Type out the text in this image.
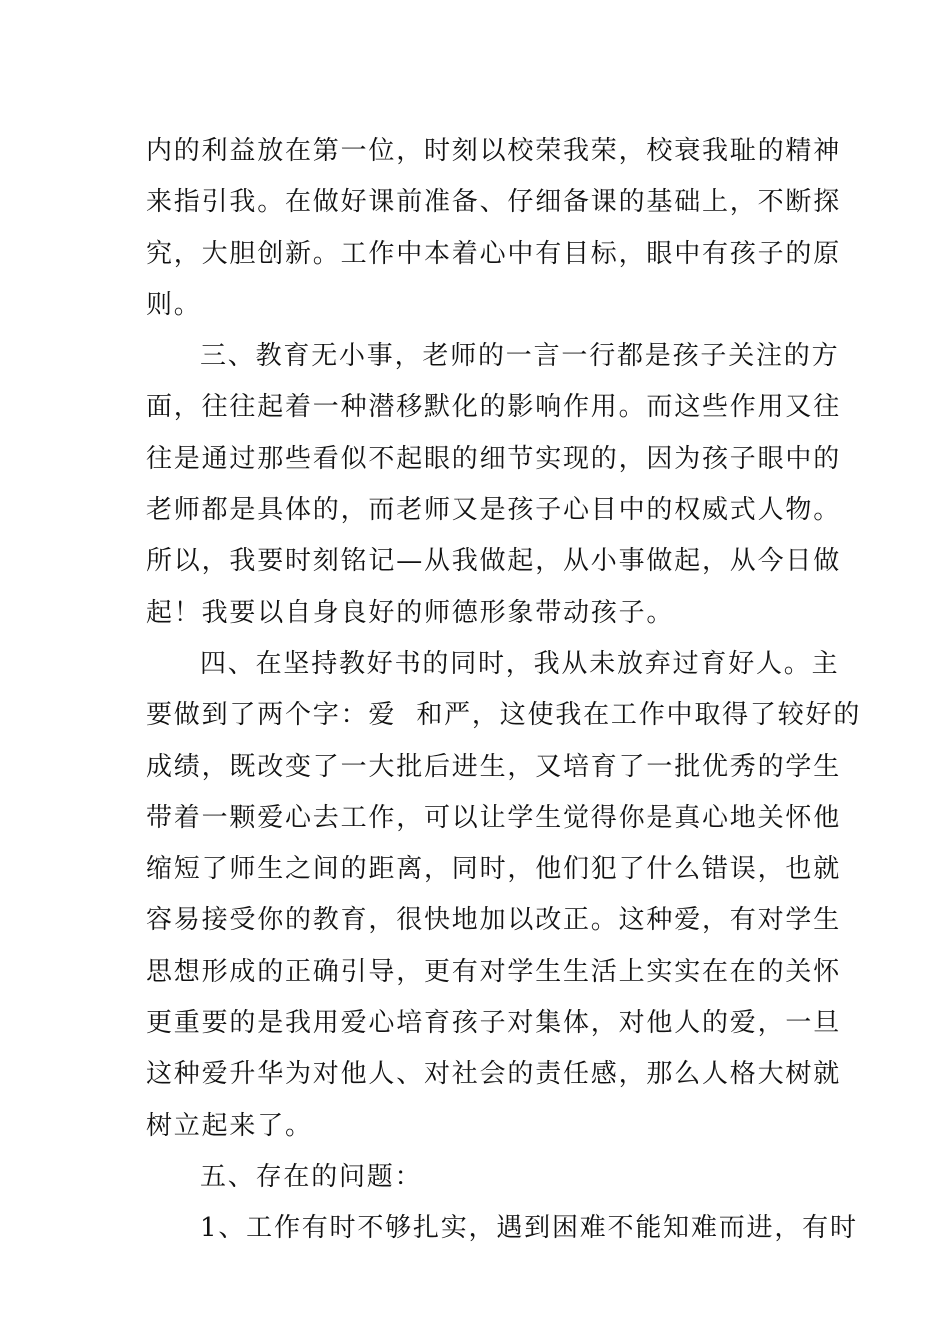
内的利益放在第一位，时刻以校荣我荣，校衰我耻的精神
来指引我。在做好课前准备、仔细备课的基础上，不断探
究，大胆创新。工作中本着心中有目标，眼中有孩子的原
则。
三、教育无小事，老师的一言一行都是孩子关注的方
面，往往起着一种潜移默化的影响作用。而这些作用又往
往是通过那些看似不起眼的细节实现的，因为孩子眼中的
老师都是具体的，而老师又是孩子心目中的权威式人物。
所以，我要时刻铭记—从我做起，从小事做起，从今日做
起！我要以自身良好的师德形象带动孩子。
四、在坚持教好书的同时，我从未放弃过育好人。主
要做到了两个字：爱  和严，这使我在工作中取得了较好的
成绩，既改变了一大批后进生，又培育了一批优秀的学生
带着一颗爱心去工作，可以让学生觉得你是真心地关怀他
缩短了师生之间的距离，同时，他们犯了什么错误，也就
容易接受你的教育，很快地加以改正。这种爱，有对学生
思想形成的正确引导，更有对学生生活上实实在在的关怀
更重要的是我用爱心培育孩子对集体，对他人的爱，一旦
这种爱升华为对他人、对社会的责任感，那么人格大树就
树立起来了。
五、存在的问题：
1、工作有时不够扎实，遇到困难不能知难而进，有时
